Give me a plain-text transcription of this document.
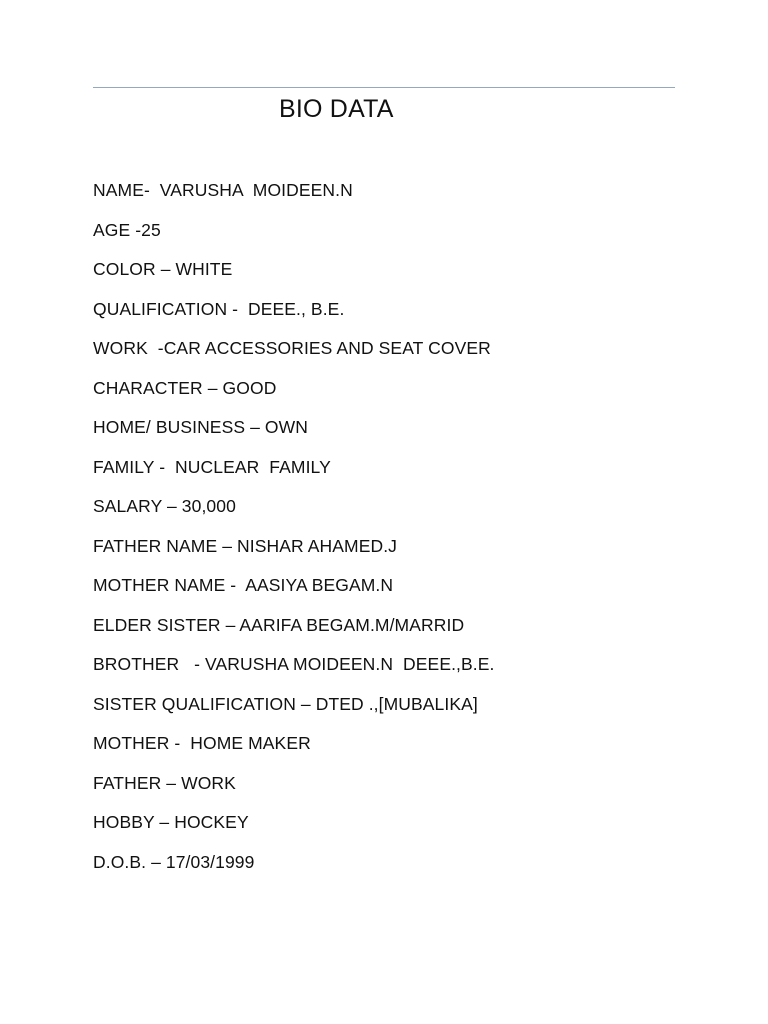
BIO DATA
NAME-  VARUSHA  MOIDEEN.N
AGE -25
COLOR – WHITE
QUALIFICATION -  DEEE., B.E.
WORK  -CAR ACCESSORIES AND SEAT COVER
CHARACTER – GOOD
HOME/ BUSINESS – OWN
FAMILY -  NUCLEAR  FAMILY
SALARY – 30,000
FATHER NAME – NISHAR AHAMED.J
MOTHER NAME -  AASIYA BEGAM.N
ELDER SISTER – AARIFA BEGAM.M/MARRID
BROTHER   - VARUSHA MOIDEEN.N  DEEE.,B.E.
SISTER QUALIFICATION – DTED .,[MUBALIKA]
MOTHER -  HOME MAKER
FATHER – WORK
HOBBY – HOCKEY
D.O.B. – 17/03/1999
